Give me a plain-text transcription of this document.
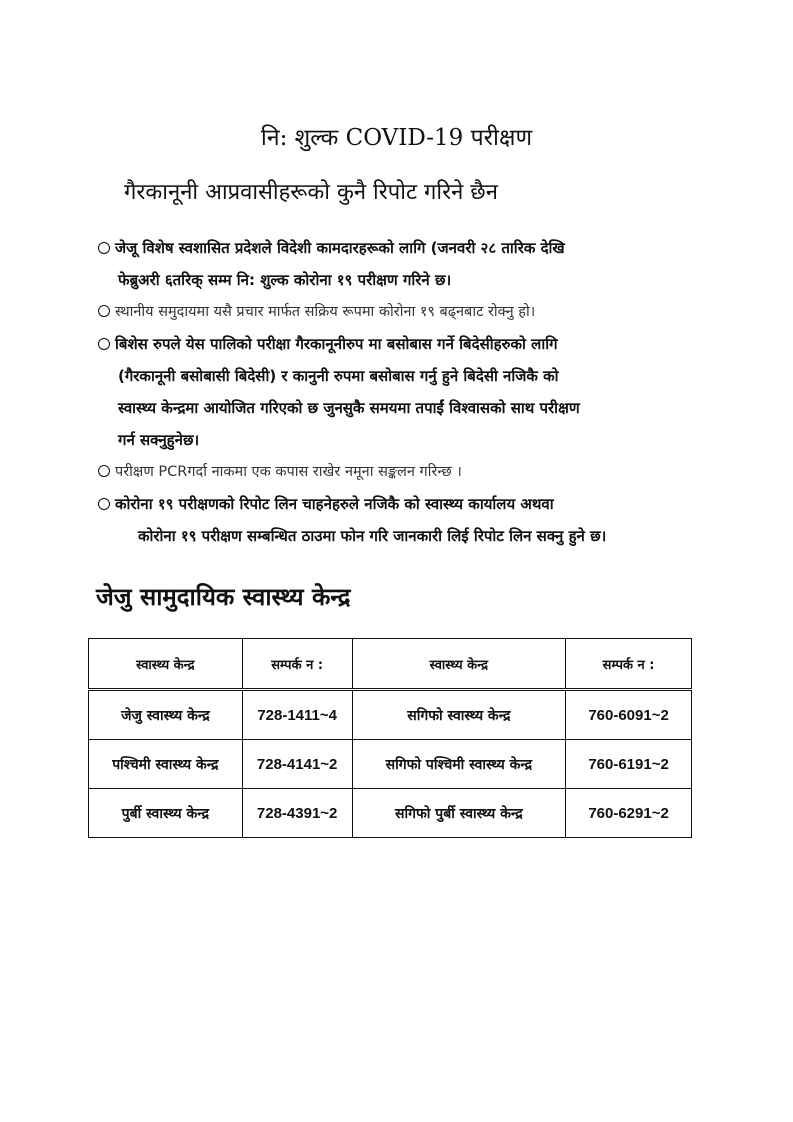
नि: शुल्क COVID-19 परीक्षण
गैरकानूनी आप्रवासीहरूको कुनै रिपोट गरिने छैन
जेजू विशेष स्वशासित प्रदेशले विदेशी कामदारहरूको लागि (जनवरी २८ तारिक देखि
फेब्रुअरी ६तरिक् सम्म नि: शुल्क कोरोना १९ परीक्षण गरिने छ।
स्थानीय समुदायमा यसै प्रचार मार्फत सक्रिय रूपमा कोरोना १९ बढ्नबाट रोक्नु हो।
बिशेस रुपले येस पालिको परीक्षा गैरकानूनीरुप मा बसोबास गर्ने बिदेसीहरुको लागि
(गैरकानूनी बसोबासी बिदेसी) र कानुनी रुपमा बसोबास गर्नु हुने बिदेसी नजिकै को
स्वास्थ्य केन्द्रमा आयोजित गरिएको छ जुनसुकै समयमा तपाईं विश्वासको साथ परीक्षण
गर्न सक्नुहुनेछ।
परीक्षण PCRगर्दा नाकमा एक कपास राखेर नमूना सङ्कलन गरिन्छ ।
कोरोना १९ परीक्षणको रिपोट लिन चाहनेहरुले नजिकै को स्वास्थ्य कार्यालय अथवा
कोरोना १९ परीक्षण सम्बन्धित ठाउमा फोन गरि जानकारी लिई रिपोट लिन सक्नु हुने छ।
जेजु सामुदायिक स्वास्थ्य केन्द्र
स्वास्थ्य केन्द्र	सम्पर्क न :	स्वास्थ्य केन्द्र	सम्पर्क न :
जेजु स्वास्थ्य केन्द्र	728-1411~4	सगिफो स्वास्थ्य केन्द्र	760-6091~2
पश्चिमी स्वास्थ्य केन्द्र	728-4141~2	सगिफो पश्चिमी स्वास्थ्य केन्द्र	760-6191~2
पुर्बी स्वास्थ्य केन्द्र	728-4391~2	सगिफो पुर्बी स्वास्थ्य केन्द्र	760-6291~2
